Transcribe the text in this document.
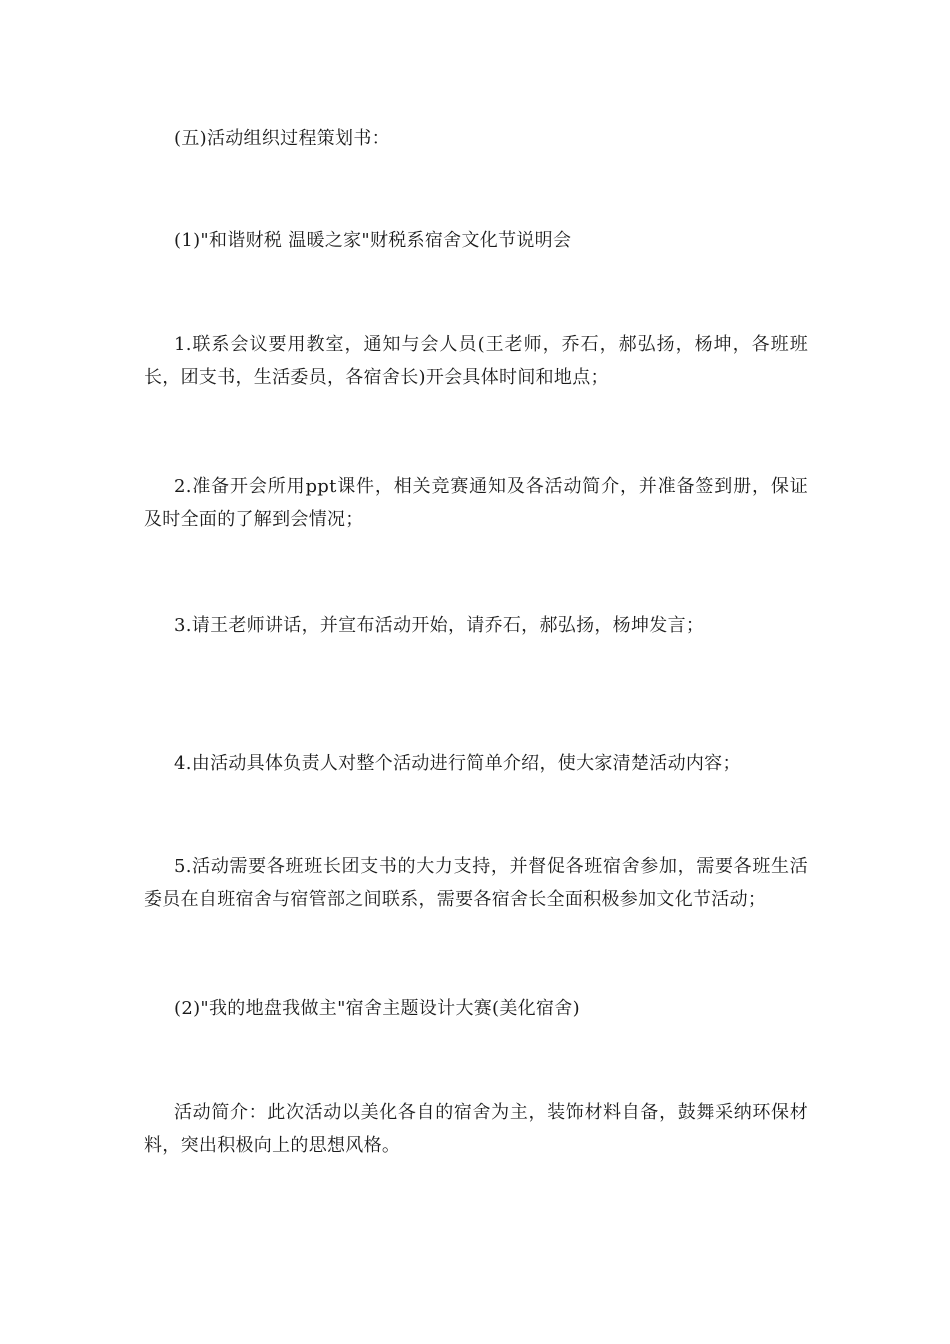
(五)活动组织过程策划书：

(1)"和谐财税 温暖之家"财税系宿舍文化节说明会

1.联系会议要用教室，通知与会人员(王老师，乔石，郝弘扬，杨坤，各班班长，团支书，生活委员，各宿舍长)开会具体时间和地点；

2.准备开会所用ppt课件，相关竞赛通知及各活动简介，并准备签到册，保证及时全面的了解到会情况；

3.请王老师讲话，并宣布活动开始，请乔石，郝弘扬，杨坤发言；

4.由活动具体负责人对整个活动进行简单介绍，使大家清楚活动内容；

5.活动需要各班班长团支书的大力支持，并督促各班宿舍参加，需要各班生活委员在自班宿舍与宿管部之间联系，需要各宿舍长全面积极参加文化节活动；

(2)"我的地盘我做主"宿舍主题设计大赛(美化宿舍)

活动简介：此次活动以美化各自的宿舍为主，装饰材料自备，鼓舞采纳环保材料，突出积极向上的思想风格。
